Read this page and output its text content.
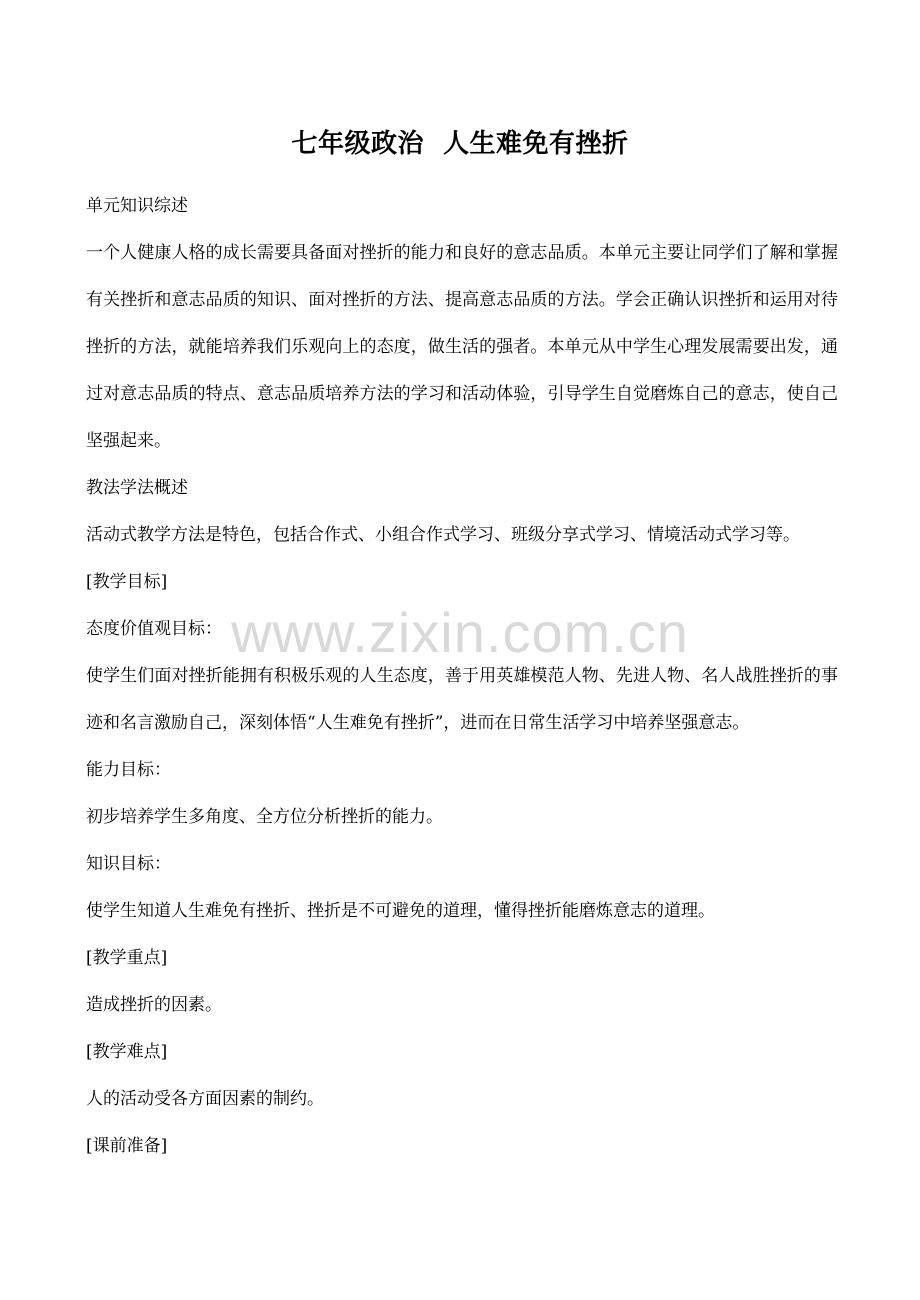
七年级政治  人生难免有挫折

单元知识综述

一个人健康人格的成长需要具备面对挫折的能力和良好的意志品质。本单元主要让同学们了解和掌握有关挫折和意志品质的知识、面对挫折的方法、提高意志品质的方法。学会正确认识挫折和运用对待挫折的方法，就能培养我们乐观向上的态度，做生活的强者。本单元从中学生心理发展需要出发，通过对意志品质的特点、意志品质培养方法的学习和活动体验，引导学生自觉磨炼自己的意志，使自己坚强起来。

教法学法概述

活动式教学方法是特色，包括合作式、小组合作式学习、班级分享式学习、情境活动式学习等。

[教学目标]

态度价值观目标：

使学生们面对挫折能拥有积极乐观的人生态度，善于用英雄模范人物、先进人物、名人战胜挫折的事迹和名言激励自己，深刻体悟“人生难免有挫折”，进而在日常生活学习中培养坚强意志。

能力目标：

初步培养学生多角度、全方位分析挫折的能力。

知识目标：

使学生知道人生难免有挫折、挫折是不可避免的道理，懂得挫折能磨炼意志的道理。

[教学重点]

造成挫折的因素。

[教学难点]

人的活动受各方面因素的制约。

[课前准备]

www.zixin.com.cn
